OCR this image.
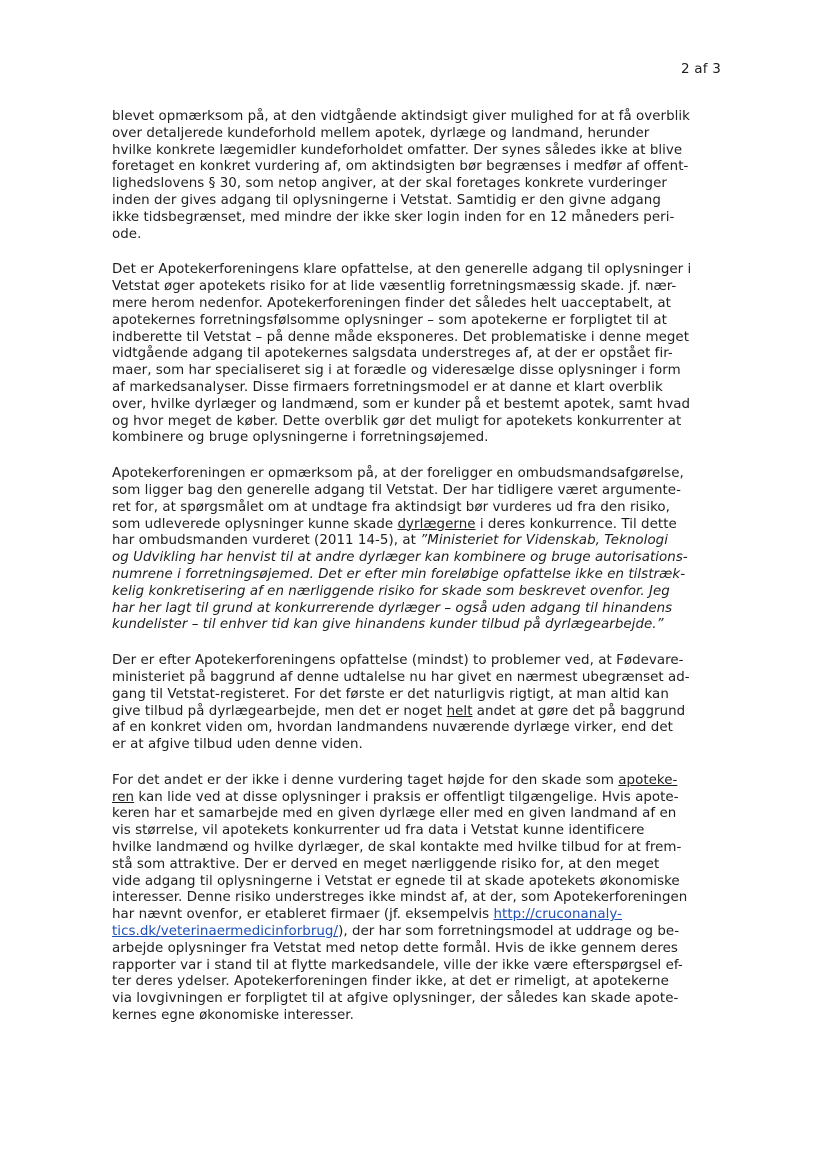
2 af 3
blevet opmærksom på, at den vidtgående aktindsigt giver mulighed for at få overblik
over detaljerede kundeforhold mellem apotek, dyrlæge og landmand, herunder
hvilke konkrete lægemidler kundeforholdet omfatter. Der synes således ikke at blive
foretaget en konkret vurdering af, om aktindsigten bør begrænses i medfør af offent-
lighedslovens § 30, som netop angiver, at der skal foretages konkrete vurderinger
inden der gives adgang til oplysningerne i Vetstat. Samtidig er den givne adgang
ikke tidsbegrænset, med mindre der ikke sker login inden for en 12 måneders peri-
ode.
Det er Apotekerforeningens klare opfattelse, at den generelle adgang til oplysninger i
Vetstat øger apotekets risiko for at lide væsentlig forretningsmæssig skade. jf. nær-
mere herom nedenfor. Apotekerforeningen finder det således helt uacceptabelt, at
apotekernes forretningsfølsomme oplysninger – som apotekerne er forpligtet til at
indberette til Vetstat – på denne måde eksponeres. Det problematiske i denne meget
vidtgående adgang til apotekernes salgsdata understreges af, at der er opstået fir-
maer, som har specialiseret sig i at forædle og videresælge disse oplysninger i form
af markedsanalyser. Disse firmaers forretningsmodel er at danne et klart overblik
over, hvilke dyrlæger og landmænd, som er kunder på et bestemt apotek, samt hvad
og hvor meget de køber. Dette overblik gør det muligt for apotekets konkurrenter at
kombinere og bruge oplysningerne i forretningsøjemed.
Apotekerforeningen er opmærksom på, at der foreligger en ombudsmandsafgørelse,
som ligger bag den generelle adgang til Vetstat. Der har tidligere været argumente-
ret for, at spørgsmålet om at undtage fra aktindsigt bør vurderes ud fra den risiko,
som udleverede oplysninger kunne skade dyrlægerne i deres konkurrence. Til dette
har ombudsmanden vurderet (2011 14-5), at ”Ministeriet for Videnskab, Teknologi
og Udvikling har henvist til at andre dyrlæger kan kombinere og bruge autorisations-
numrene i forretningsøjemed. Det er efter min foreløbige opfattelse ikke en tilstræk-
kelig konkretisering af en nærliggende risiko for skade som beskrevet ovenfor. Jeg
har her lagt til grund at konkurrerende dyrlæger – også uden adgang til hinandens
kundelister – til enhver tid kan give hinandens kunder tilbud på dyrlægearbejde.”
Der er efter Apotekerforeningens opfattelse (mindst) to problemer ved, at Fødevare-
ministeriet på baggrund af denne udtalelse nu har givet en nærmest ubegrænset ad-
gang til Vetstat-registeret. For det første er det naturligvis rigtigt, at man altid kan
give tilbud på dyrlægearbejde, men det er noget helt andet at gøre det på baggrund
af en konkret viden om, hvordan landmandens nuværende dyrlæge virker, end det
er at afgive tilbud uden denne viden.
For det andet er der ikke i denne vurdering taget højde for den skade som apoteke-
ren kan lide ved at disse oplysninger i praksis er offentligt tilgængelige. Hvis apote-
keren har et samarbejde med en given dyrlæge eller med en given landmand af en
vis størrelse, vil apotekets konkurrenter ud fra data i Vetstat kunne identificere
hvilke landmænd og hvilke dyrlæger, de skal kontakte med hvilke tilbud for at frem-
stå som attraktive. Der er derved en meget nærliggende risiko for, at den meget
vide adgang til oplysningerne i Vetstat er egnede til at skade apotekets økonomiske
interesser. Denne risiko understreges ikke mindst af, at der, som Apotekerforeningen
har nævnt ovenfor, er etableret firmaer (jf. eksempelvis http://cruconanaly-
tics.dk/veterinaermedicinforbrug/), der har som forretningsmodel at uddrage og be-
arbejde oplysninger fra Vetstat med netop dette formål. Hvis de ikke gennem deres
rapporter var i stand til at flytte markedsandele, ville der ikke være efterspørgsel ef-
ter deres ydelser. Apotekerforeningen finder ikke, at det er rimeligt, at apotekerne
via lovgivningen er forpligtet til at afgive oplysninger, der således kan skade apote-
kernes egne økonomiske interesser.
